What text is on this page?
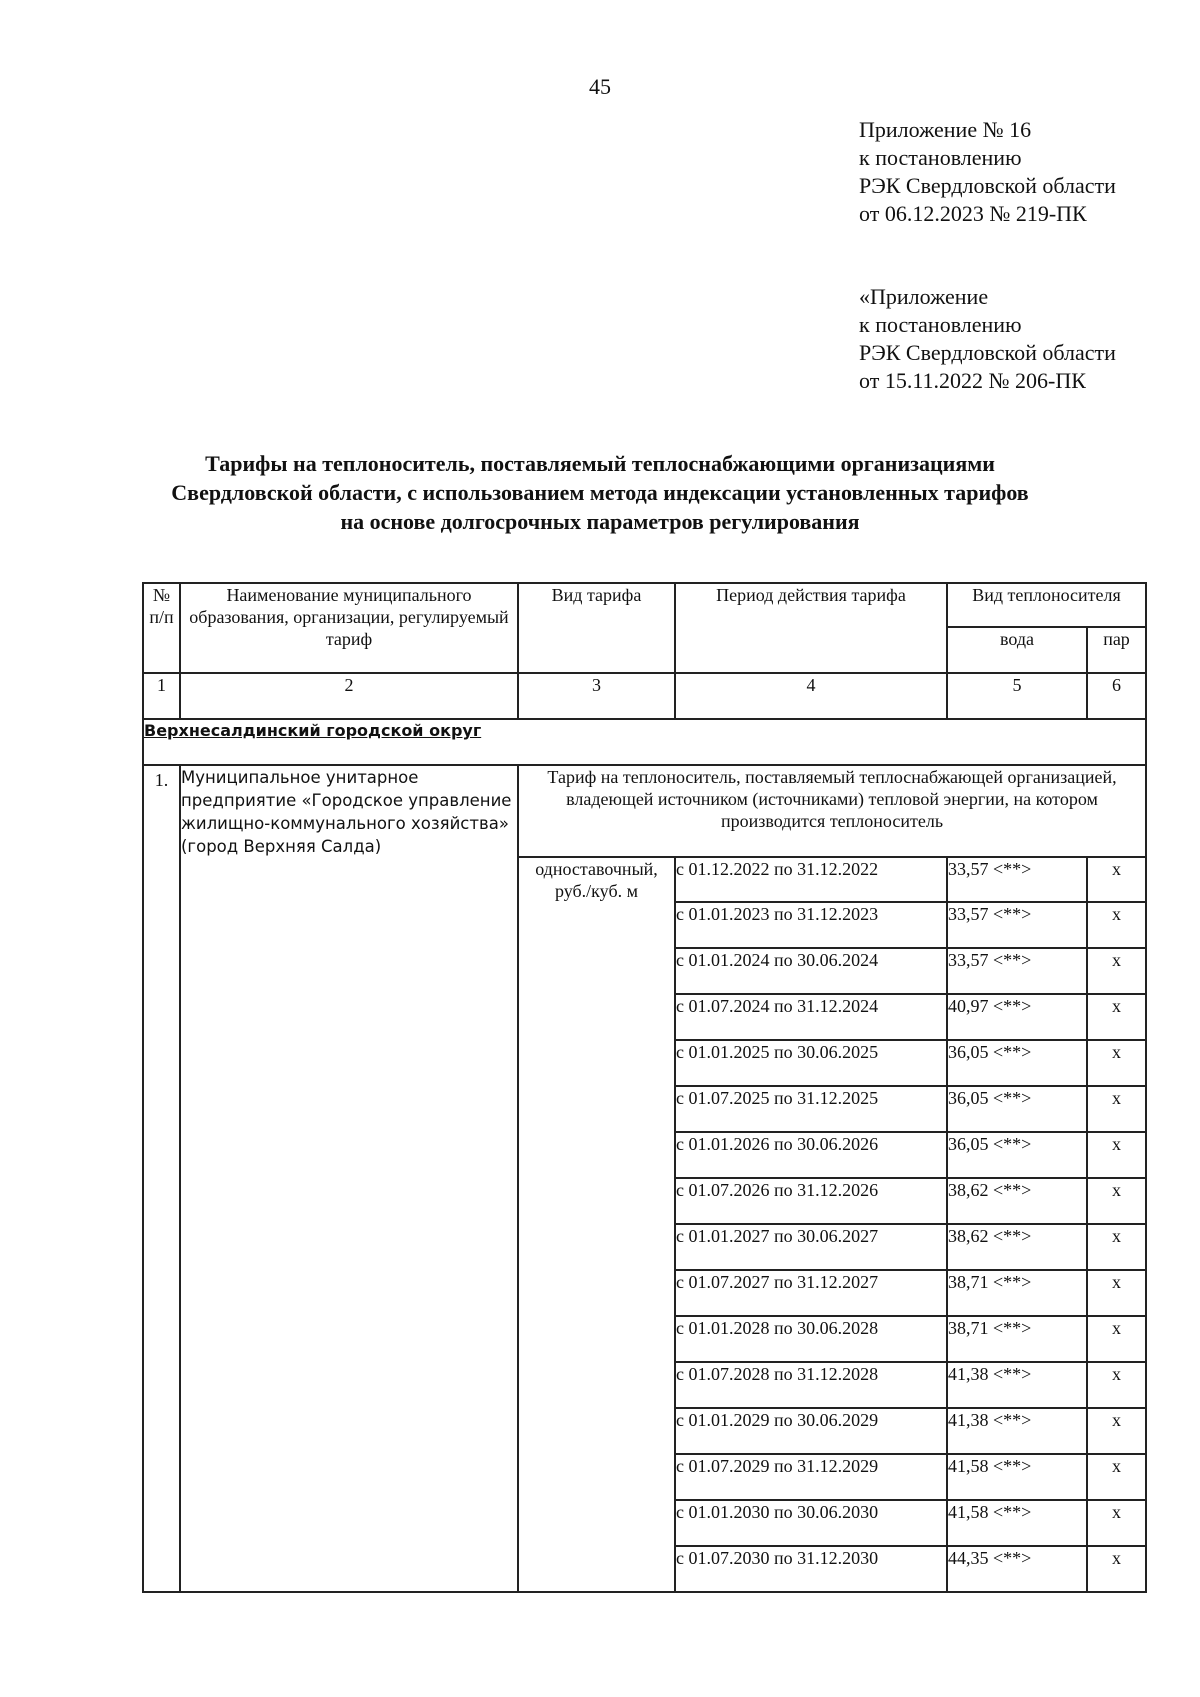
45
Приложение № 16
к постановлению
РЭК Свердловской области
от 06.12.2023 № 219-ПК
«Приложение
к постановлению
РЭК Свердловской области
от 15.11.2022 № 206-ПК
Тарифы на теплоноситель, поставляемый теплоснабжающими организациями
Свердловской области, с использованием метода индексации установленных тарифов
на основе долгосрочных параметров регулирования
№ п/п	Наименование муниципального образования, организации, регулируемый тариф	Вид тарифа	Период действия тарифа	Вид теплоносителя	
				вода	пар
1	2	3	4	5	6
Верхнесалдинский городской округ					
1.	Муниципальное унитарное предприятие «Городское управление жилищно-коммунального хозяйства» (город Верхняя Салда)	Тариф на теплоноситель, поставляемый теплоснабжающей организацией, владеющей источником (источниками) тепловой энергии, на котором производится теплоноситель			
		одноставочный, руб./куб. м	с 01.12.2022 по 31.12.2022	33,57 <**>	х
			с 01.01.2023 по 31.12.2023	33,57 <**>	х
			с 01.01.2024 по 30.06.2024	33,57 <**>	х
			с 01.07.2024 по 31.12.2024	40,97 <**>	х
			с 01.01.2025 по 30.06.2025	36,05 <**>	х
			с 01.07.2025 по 31.12.2025	36,05 <**>	х
			с 01.01.2026 по 30.06.2026	36,05 <**>	х
			с 01.07.2026 по 31.12.2026	38,62 <**>	х
			с 01.01.2027 по 30.06.2027	38,62 <**>	х
			с 01.07.2027 по 31.12.2027	38,71 <**>	х
			с 01.01.2028 по 30.06.2028	38,71 <**>	х
			с 01.07.2028 по 31.12.2028	41,38 <**>	х
			с 01.01.2029 по 30.06.2029	41,38 <**>	х
			с 01.07.2029 по 31.12.2029	41,58 <**>	х
			с 01.01.2030 по 30.06.2030	41,58 <**>	х
			с 01.07.2030 по 31.12.2030	44,35 <**>	х
